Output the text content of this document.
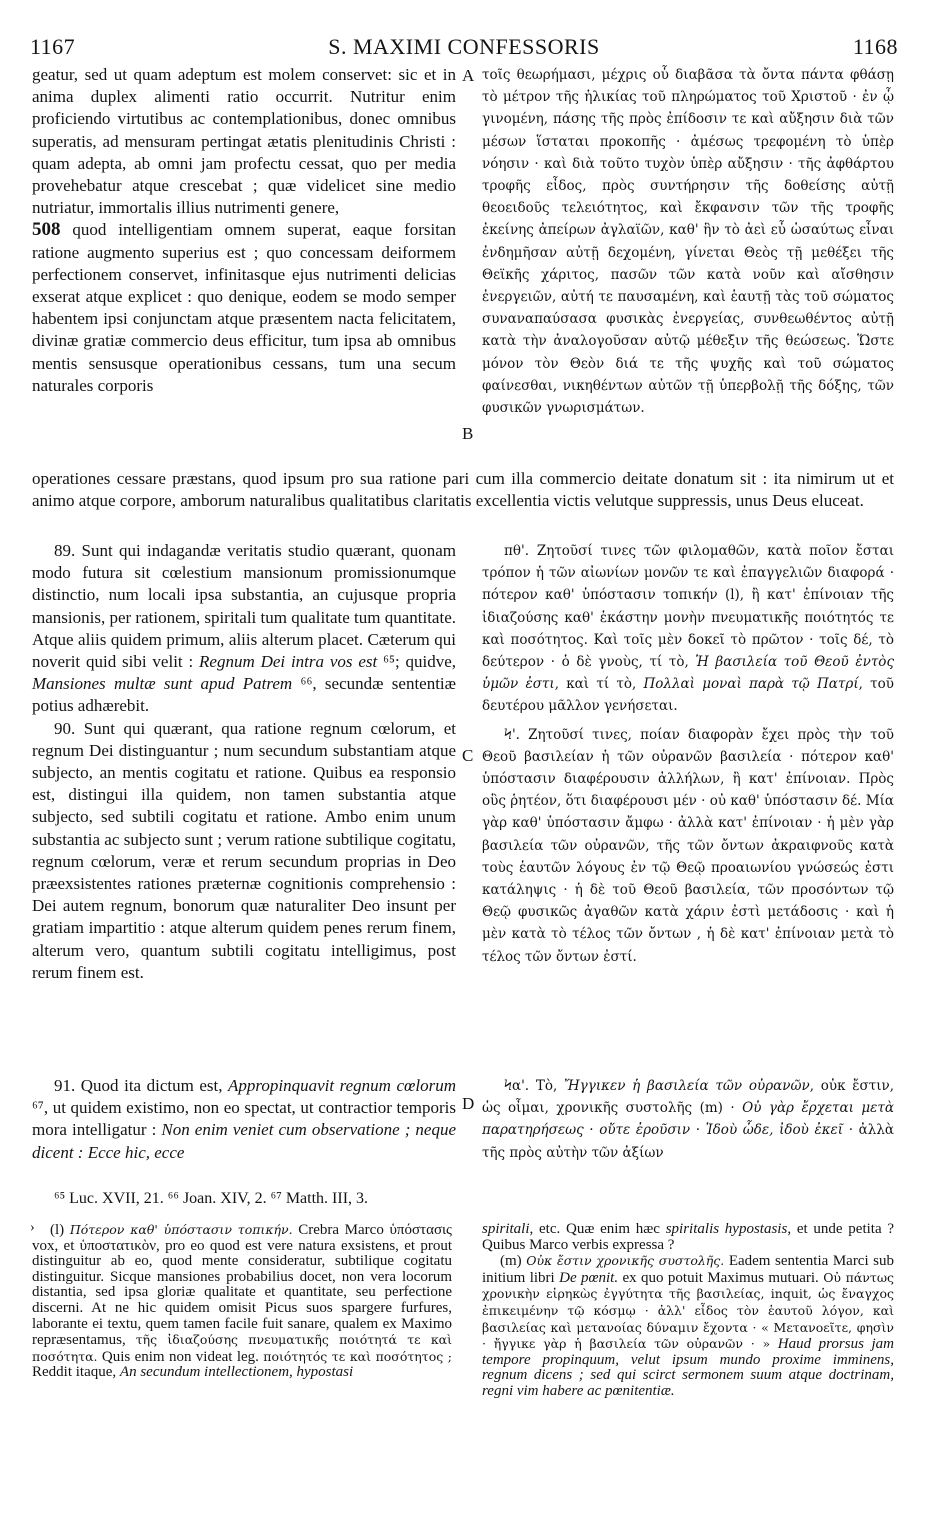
1167	S. MAXIMI CONFESSORIS	1168

geatur, sed ut quam adeptum est molem conservet: sic et in anima duplex alimenti ratio occurrit. Nutritur enim proficiendo virtutibus ac contemplationibus, donec omnibus superatis, ad mensuram pertingat ætatis plenitudinis Christi : quam adepta, ab omni jam profectu cessat, quo per media provehebatur atque crescebat ; quæ videlicet sine medio nutriatur, immortalis illius nutrimenti genere,

508 quod intelligentiam omnem superat, eaque forsitan ratione augmento superius est ; quo concessam deiformem perfectionem conservet, infinitasque ejus nutrimenti delicias exserat atque explicet : quo denique, eodem se modo semper habentem ipsi conjunctam atque præsentem nacta felicitatem, divinæ gratiæ commercio deus efficitur, tum ipsa ab omnibus mentis sensusque operationibus cessans, tum una secum naturales corporis

A
B

τοῖς θεωρήμασι, μέχρις οὗ διαβᾶσα τὰ ὄντα πάντα φθάσῃ τὸ μέτρον τῆς ἡλικίας τοῦ πληρώματος τοῦ Χριστοῦ · ἐν ᾧ γινομένη, πάσης τῆς πρὸς ἐπίδοσιν τε καὶ αὔξησιν διὰ τῶν μέσων ἵσταται προκοπῆς · ἀμέσως τρεφομένη τὸ ὑπὲρ νόησιν · καὶ διὰ τοῦτο τυχὸν ὑπὲρ αὔξησιν · τῆς ἀφθάρτου τροφῆς εἶδος, πρὸς συντήρησιν τῆς δοθείσης αὐτῇ θεοειδοῦς τελειότητος, καὶ ἔκφανσιν τῶν τῆς τροφῆς ἐκείνης ἀπείρων ἀγλαϊῶν, καθ' ἣν τὸ ἀεὶ εὖ ὡσαύτως εἶναι ἐνδημῆσαν αὐτῇ δεχομένη, γίνεται Θεὸς τῇ μεθέξει τῆς Θεϊκῆς χάριτος, πασῶν τῶν κατὰ νοῦν καὶ αἴσθησιν ἐνεργειῶν, αὐτή τε παυσαμένη, καὶ ἑαυτῇ τὰς τοῦ σώματος συναναπαύσασα φυσικὰς ἐνεργείας, συνθεωθέντος αὐτῇ κατὰ τὴν ἀναλογοῦσαν αὐτῷ μέθεξιν τῆς θεώσεως. Ὥστε μόνον τὸν Θεὸν διά τε τῆς ψυχῆς καὶ τοῦ σώματος φαίνεσθαι, νικηθέντων αὐτῶν τῇ ὑπερβολῇ τῆς δόξης, τῶν φυσικῶν γνωρισμάτων.

operationes cessare præstans, quod ipsum pro sua ratione pari cum illa commercio deitate donatum sit : ita nimirum ut et animo atque corpore, amborum naturalibus qualitatibus claritatis excellentia victis velutque suppressis, unus Deus eluceat.

89. Sunt qui indagandæ veritatis studio quærant, quonam modo futura sit cœlestium mansionum promissionumque distinctio, num locali ipsa substantia, an cujusque propria mansionis, per rationem, spiritali tum qualitate tum quantitate. Atque aliis quidem primum, aliis alterum placet. Cæterum qui noverit quid sibi velit : Regnum Dei intra vos est ⁶⁵; quidve, Mansiones multæ sunt apud Patrem ⁶⁶, secundæ sententiæ potius adhærebit.

90. Sunt qui quærant, qua ratione regnum cœlorum, et regnum Dei distinguantur ; num secundum substantiam atque subjecto, an mentis cogitatu et ratione. Quibus ea responsio est, distingui illa quidem, non tamen substantia atque subjecto, sed subtili cogitatu et ratione. Ambo enim unum substantia ac subjecto sunt ; verum ratione subtilique cogitatu, regnum cœlorum, veræ et rerum secundum proprias in Deo præexsistentes rationes præternæ cognitionis comprehensio : Dei autem regnum, bonorum quæ naturaliter Deo insunt per gratiam impartitio : atque alterum quidem penes rerum finem, alterum vero, quantum subtili cogitatu intelligimus, post rerum finem est.

C

πθ'. Ζητοῦσί τινες τῶν φιλομαθῶν, κατὰ ποῖον ἔσται τρόπον ἡ τῶν αἰωνίων μονῶν τε καὶ ἐπαγγελιῶν διαφορά · πότερον καθ' ὑπόστασιν τοπικήν (l), ἢ κατ' ἐπίνοιαν τῆς ἰδιαζούσης καθ' ἑκάστην μονὴν πνευματικῆς ποιότητός τε καὶ ποσότητος. Καὶ τοῖς μὲν δοκεῖ τὸ πρῶτον · τοῖς δέ, τὸ δεύτερον · ὁ δὲ γνοὺς, τί τὸ, Ἡ βασιλεία τοῦ Θεοῦ ἐντὸς ὑμῶν ἐστι, καὶ τί τὸ, Πολλαὶ μοναὶ παρὰ τῷ Πατρί, τοῦ δευτέρου μᾶλλον γενήσεται.

Ϟ'. Ζητοῦσί τινες, ποίαν διαφορὰν ἔχει πρὸς τὴν τοῦ Θεοῦ βασιλείαν ἡ τῶν οὐρανῶν βασιλεία · πότερον καθ' ὑπόστασιν διαφέρουσιν ἀλλήλων, ἢ κατ' ἐπίνοιαν. Πρὸς οὓς ῥητέον, ὅτι διαφέρουσι μέν · οὐ καθ' ὑπόστασιν δέ. Μία γὰρ καθ' ὑπόστασιν ἄμφω · ἀλλὰ κατ' ἐπίνοιαν · ἡ μὲν γὰρ βασιλεία τῶν οὐρανῶν, τῆς τῶν ὄντων ἀκραιφνοῦς κατὰ τοὺς ἑαυτῶν λόγους ἐν τῷ Θεῷ προαιωνίου γνώσεώς ἐστι κατάληψις · ἡ δὲ τοῦ Θεοῦ βασιλεία, τῶν προσόντων τῷ Θεῷ φυσικῶς ἀγαθῶν κατὰ χάριν ἐστὶ μετάδοσις · καὶ ἡ μὲν κατὰ τὸ τέλος τῶν ὄντων , ἡ δὲ κατ' ἐπίνοιαν μετὰ τὸ τέλος τῶν ὄντων ἐστί.

91. Quod ita dictum est, Appropinquavit regnum cœlorum ⁶⁷, ut quidem existimo, non eo spectat, ut contractior temporis mora intelligatur : Non enim veniet cum observatione ; neque dicent : Ecce hic, ecce

D

Ϟα'. Τὸ, Ἤγγικεν ἡ βασιλεία τῶν οὐρανῶν, οὐκ ἔστιν, ὡς οἶμαι, χρονικῆς συστολῆς (m) · Οὐ γὰρ ἔρχεται μετὰ παρατηρήσεως · οὔτε ἐροῦσιν · Ἰδοὺ ὧδε, ἰδοὺ ἐκεῖ · ἀλλὰ τῆς πρὸς αὐτὴν τῶν ἀξίων

⁶⁵ Luc. XVII, 21. ⁶⁶ Joan. XIV, 2. ⁶⁷ Matth. III, 3.
›	(l) Πότερον καθ' ὑπόστασιν τοπικήν. Crebra Marco ὑπόστασις vox, et ὑποστατικὸν, pro eo quod est vere natura exsistens, et prout distinguitur ab eo, quod mente consideratur, subtilique cogitatu distinguitur. Sicque mansiones probabilius docet, non vera locorum distantia, sed ipsa gloriæ qualitate et quantitate, seu perfectione discerni. At ne hic quidem omisit Picus suos spargere furfures, laborante ei textu, quem tamen facile fuit sanare, qualem ex Maximo repræsentamus, τῆς ἰδιαζούσης πνευματικῆς ποιότητά τε καὶ ποσότητα. Quis enim non videat leg. ποιότητός τε καὶ ποσότητος ; Reddit itaque, An secundum intellectionem, hypostasi

spiritali, etc. Quæ enim hæc spiritalis hypostasis, et unde petita ? Quibus Marco verbis expressa ?

(m) Οὐκ ἔστιν χρονικῆς συστολῆς. Eadem sententia Marci sub initium libri De pœnit. ex quo potuit Maximus mutuari. Οὐ πάντως χρονικὴν εἰρηκὼς ἐγγύτητα τῆς βασιλείας, inquit, ὡς ἔναγχος ἐπικειμένην τῷ κόσμῳ · ἀλλ' εἶδος τὸν ἑαυτοῦ λόγον, καὶ βασιλείας καὶ μετανοίας δύναμιν ἔχοντα · « Μετανοεῖτε, φησὶν · ἤγγικε γὰρ ἡ βασιλεία τῶν οὐρανῶν · » Haud prorsus jam tempore propinquum, velut ipsum mundo proxime imminens, regnum dicens ; sed qui scirct sermonem suum atque doctrinam, regni vim habere ac pœnitentiæ.
